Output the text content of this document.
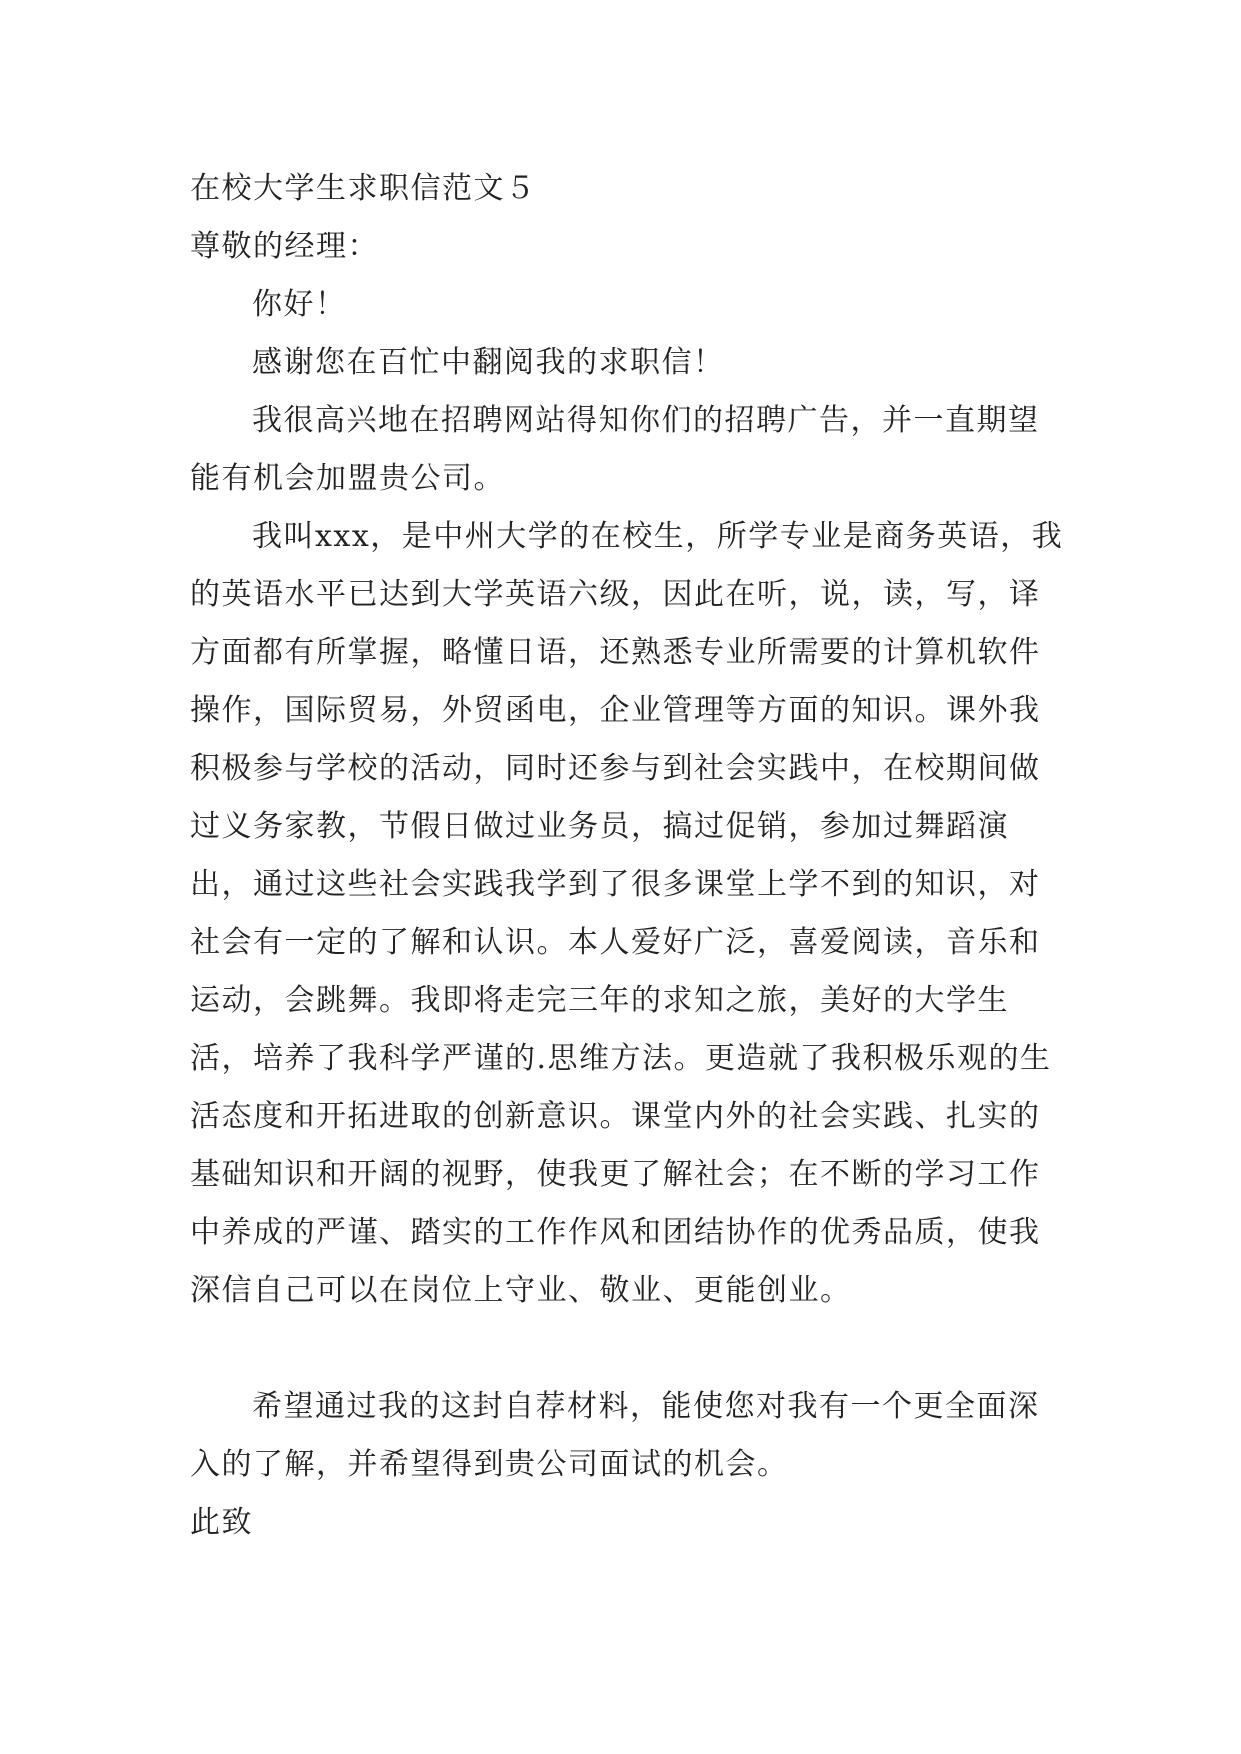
在校大学生求职信范文５

尊敬的经理：

你好！

感谢您在百忙中翻阅我的求职信！

我很高兴地在招聘网站得知你们的招聘广告，并一直期望能有机会加盟贵公司。

我叫xxx，是中州大学的在校生，所学专业是商务英语，我的英语水平已达到大学英语六级，因此在听，说，读，写，译方面都有所掌握，略懂日语，还熟悉专业所需要的计算机软件操作，国际贸易，外贸函电，企业管理等方面的知识。课外我积极参与学校的活动，同时还参与到社会实践中，在校期间做过义务家教，节假日做过业务员，搞过促销，参加过舞蹈演出，通过这些社会实践我学到了很多课堂上学不到的知识，对社会有一定的了解和认识。本人爱好广泛，喜爱阅读，音乐和运动，会跳舞。我即将走完三年的求知之旅，美好的大学生活，培养了我科学严谨的.思维方法。更造就了我积极乐观的生活态度和开拓进取的创新意识。课堂内外的社会实践、扎实的基础知识和开阔的视野，使我更了解社会；在不断的学习工作中养成的严谨、踏实的工作作风和团结协作的优秀品质，使我深信自己可以在岗位上守业、敬业、更能创业。

希望通过我的这封自荐材料，能使您对我有一个更全面深入的了解，并希望得到贵公司面试的机会。

此致
